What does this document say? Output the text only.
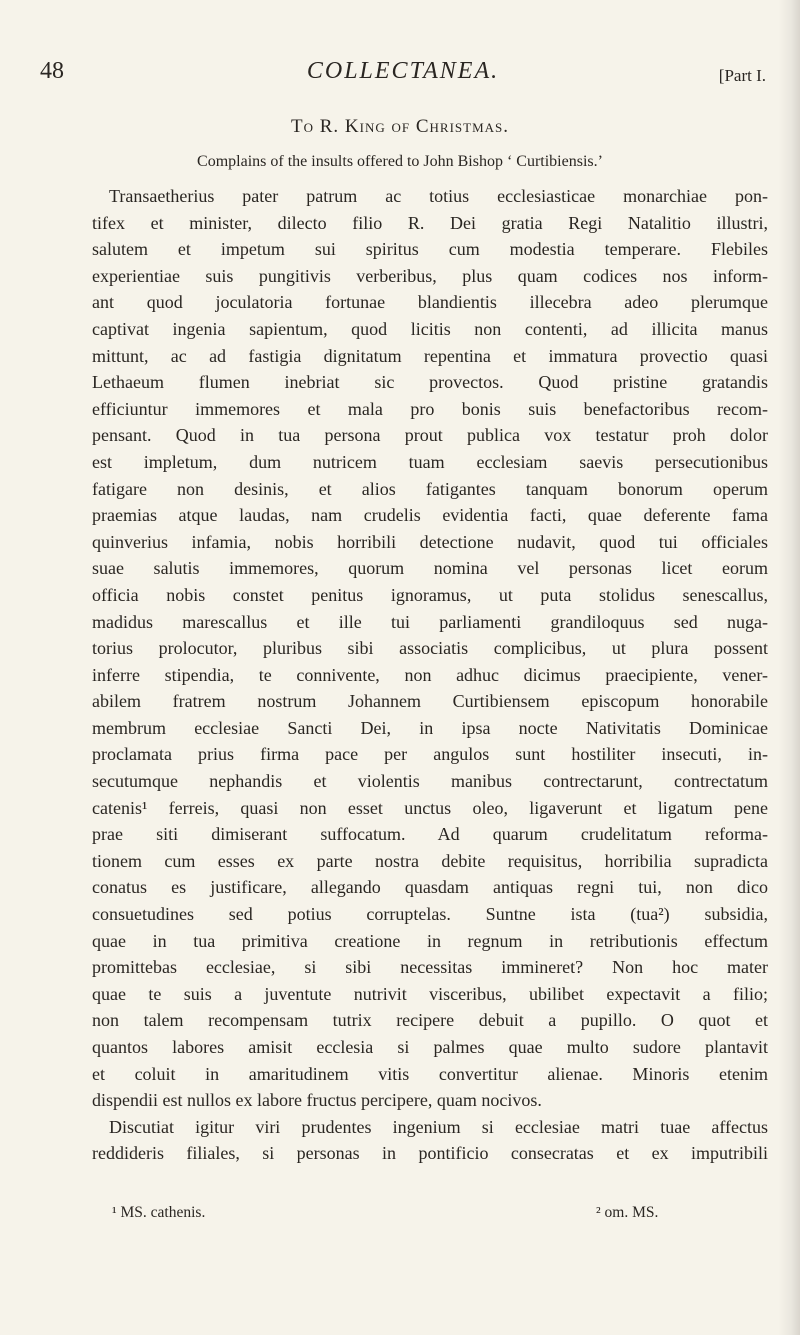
48	COLLECTANEA.	[Part I.
To R. King of Christmas.
Complains of the insults offered to John Bishop ‘ Curtibiensis.’
Transaetherius pater patrum ac totius ecclesiasticae monarchiae pon-
tifex et minister, dilecto filio R. Dei gratia Regi Natalitio illustri,
salutem et impetum sui spiritus cum modestia temperare. Flebiles
experientiae suis pungitivis verberibus, plus quam codices nos inform-
ant quod joculatoria fortunae blandientis illecebra adeo plerumque
captivat ingenia sapientum, quod licitis non contenti, ad illicita manus
mittunt, ac ad fastigia dignitatum repentina et immatura provectio quasi
Lethaeum flumen inebriat sic provectos. Quod pristine gratandis
efficiuntur immemores et mala pro bonis suis benefactoribus recom-
pensant. Quod in tua persona prout publica vox testatur proh dolor
est impletum, dum nutricem tuam ecclesiam saevis persecutionibus
fatigare non desinis, et alios fatigantes tanquam bonorum operum
praemias atque laudas, nam crudelis evidentia facti, quae deferente fama
quinverius infamia, nobis horribili detectione nudavit, quod tui officiales
suae salutis immemores, quorum nomina vel personas licet eorum
officia nobis constet penitus ignoramus, ut puta stolidus senescallus,
madidus marescallus et ille tui parliamenti grandiloquus sed nuga-
torius prolocutor, pluribus sibi associatis complicibus, ut plura possent
inferre stipendia, te connivente, non adhuc dicimus praecipiente, vener-
abilem fratrem nostrum Johannem Curtibiensem episcopum honorabile
membrum ecclesiae Sancti Dei, in ipsa nocte Nativitatis Dominicae
proclamata prius firma pace per angulos sunt hostiliter insecuti, in-
secutumque nephandis et violentis manibus contrectarunt, contrectatum
catenis¹ ferreis, quasi non esset unctus oleo, ligaverunt et ligatum pene
prae siti dimiserant suffocatum. Ad quarum crudelitatum reforma-
tionem cum esses ex parte nostra debite requisitus, horribilia supradicta
conatus es justificare, allegando quasdam antiquas regni tui, non dico
consuetudines sed potius corruptelas. Suntne ista (tua²) subsidia,
quae in tua primitiva creatione in regnum in retributionis effectum
promittebas ecclesiae, si sibi necessitas immineret? Non hoc mater
quae te suis a juventute nutrivit visceribus, ubilibet expectavit a filio;
non talem recompensam tutrix recipere debuit a pupillo. O quot et
quantos labores amisit ecclesia si palmes quae multo sudore plantavit
et coluit in amaritudinem vitis convertitur alienae. Minoris etenim
dispendii est nullos ex labore fructus percipere, quam nocivos.
Discutiat igitur viri prudentes ingenium si ecclesiae matri tuae affectus
reddideris filiales, si personas in pontificio consecratas et ex imputribili
¹ MS. cathenis.	² om. MS.
